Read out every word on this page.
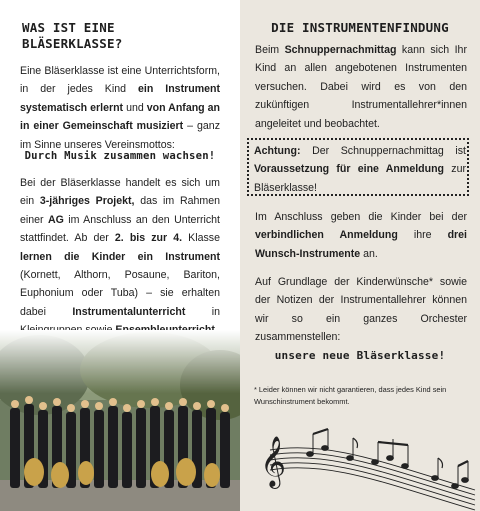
WAS IST EINE
BLÄSERKLASSE?

Eine Bläserklasse ist eine Unterrichtsform, in der jedes Kind ein Instrument systematisch erlernt und von Anfang an in einer Gemeinschaft musiziert – ganz im Sinne unseres Vereinsmottos:

Durch Musik zusammen wachsen!

Bei der Bläserklasse handelt es sich um ein 3-jähriges Projekt, das im Rahmen einer AG im Anschluss an den Unterricht stattfindet. Ab der 2. bis zur 4. Klasse lernen die Kinder ein Instrument (Kornett, Althorn, Posaune, Bariton, Euphonium oder Tuba) – sie erhalten dabei Instrumentalunterricht in

DIE INSTRUMENTENFINDUNG

Beim Schnuppernachmittag kann sich Ihr Kind an allen angebotenen Instrumenten versuchen. Dabei wird es von den zukünftigen Instrumentallehrer*innen angeleitet und beobachtet.

Achtung: Der Schnuppernachmittag ist Voraussetzung für eine Anmeldung zur Bläserklasse!

Im Anschluss geben die Kinder bei der verbindlichen Anmeldung ihre drei Wunsch-Instrumente an.

Auf Grundlage der Kinderwünsche* sowie der Notizen der Instrumentallehrer können wir so ein ganzes Orchester zusammenstellen:

unsere neue Bläserklasse!

* Leider können wir nicht garantieren, dass jedes Kind sein Wunschinstrument bekommt.

𝄞
